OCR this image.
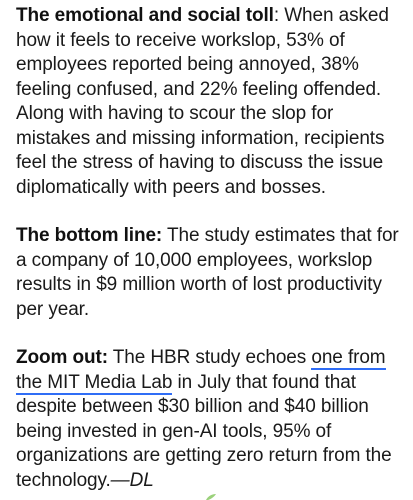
The emotional and social toll: When asked how it feels to receive workslop, 53% of employees reported being annoyed, 38% feeling confused, and 22% feeling offended. Along with having to scour the slop for mistakes and missing information, recipients feel the stress of having to discuss the issue diplomatically with peers and bosses.

The bottom line: The study estimates that for a company of 10,000 employees, workslop results in $9 million worth of lost productivity per year.

Zoom out: The HBR study echoes one from the MIT Media Lab in July that found that despite between $30 billion and $40 billion being invested in gen-AI tools, 95% of organizations are getting zero return from the technology.—DL
